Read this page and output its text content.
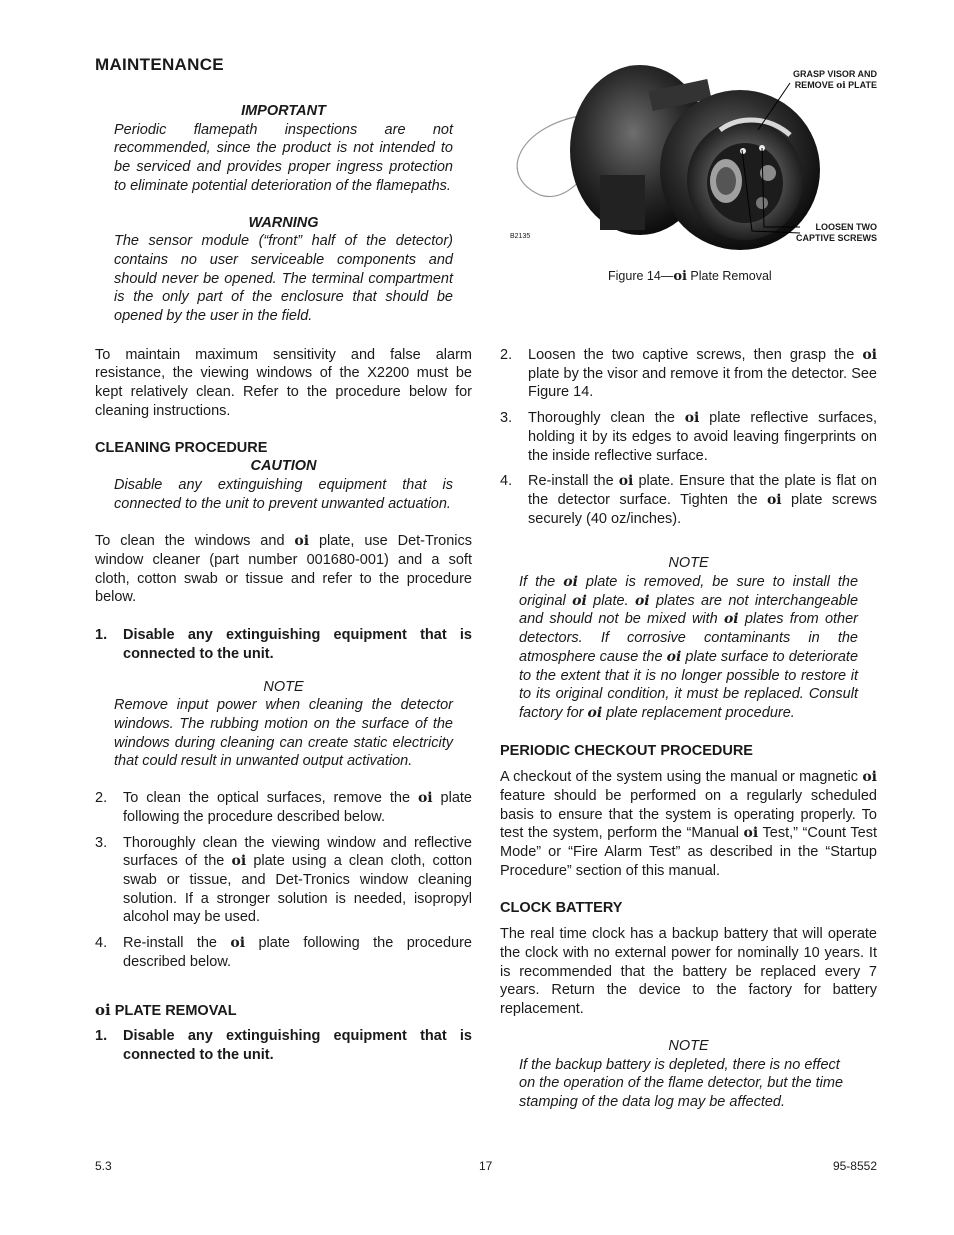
MAINTENANCE
IMPORTANT

Periodic flamepath inspections are not recommended, since the product is not intended to be serviced and provides proper ingress protection to eliminate potential deterioration of the flamepaths.

WARNING

The sensor module (“front” half of the detector) contains no user serviceable components and should never be opened. The terminal compartment is the only part of the enclosure that should be opened by the user in the field.

To maintain maximum sensitivity and false alarm resistance, the viewing windows of the X2200 must be kept relatively clean. Refer to the procedure below for cleaning instructions.

CLEANING PROCEDURE
CAUTION

Disable any extinguishing equipment that is connected to the unit to prevent unwanted actuation.

To clean the windows and oi plate, use Det-Tronics window cleaner (part number 001680-001) and a soft cloth, cotton swab or tissue and refer to the procedure below.

1. Disable any extinguishing equipment that is connected to the unit.

NOTE

Remove input power when cleaning the detector windows. The rubbing motion on the surface of the windows during cleaning can create static electricity that could result in unwanted output activation.

2. To clean the optical surfaces, remove the oi plate following the procedure described below.

3. Thoroughly clean the viewing window and reflective surfaces of the oi plate using a clean cloth, cotton swab or tissue, and Det-Tronics window cleaning solution. If a stronger solution is needed, isopropyl alcohol may be used.

4. Re-install the oi plate following the procedure described below.

oi PLATE REMOVAL

1. Disable any extinguishing equipment that is connected to the unit.

GRASP VISOR AND
REMOVE oi PLATE
LOOSEN TWO
CAPTIVE SCREWS
B2135
Figure 14—oi Plate Removal

2. Loosen the two captive screws, then grasp the oi plate by the visor and remove it from the detector. See Figure 14.

3. Thoroughly clean the oi plate reflective surfaces, holding it by its edges to avoid leaving fingerprints on the inside reflective surface.

4. Re-install the oi plate. Ensure that the plate is flat on the detector surface. Tighten the oi plate screws securely (40 oz/inches).

NOTE

If the oi plate is removed, be sure to install the original oi plate. oi plates are not interchangeable and should not be mixed with oi plates from other detectors. If corrosive contaminants in the atmosphere cause the oi plate surface to deteriorate to the extent that it is no longer possible to restore it to its original condition, it must be replaced. Consult factory for oi plate replacement procedure.

PERIODIC CHECKOUT PROCEDURE

A checkout of the system using the manual or magnetic oi feature should be performed on a regularly scheduled basis to ensure that the system is operating properly. To test the system, perform the “Manual oi Test,” “Count Test Mode” or “Fire Alarm Test” as described in the “Startup Procedure” section of this manual.

CLOCK BATTERY

The real time clock has a backup battery that will operate the clock with no external power for nominally 10 years. It is recommended that the battery be replaced every 7 years. Return the device to the factory for battery replacement.

NOTE

If the backup battery is depleted, there is no effect on the operation of the flame detector, but the time stamping of the data log may be affected.

5.3	17	95-8552
